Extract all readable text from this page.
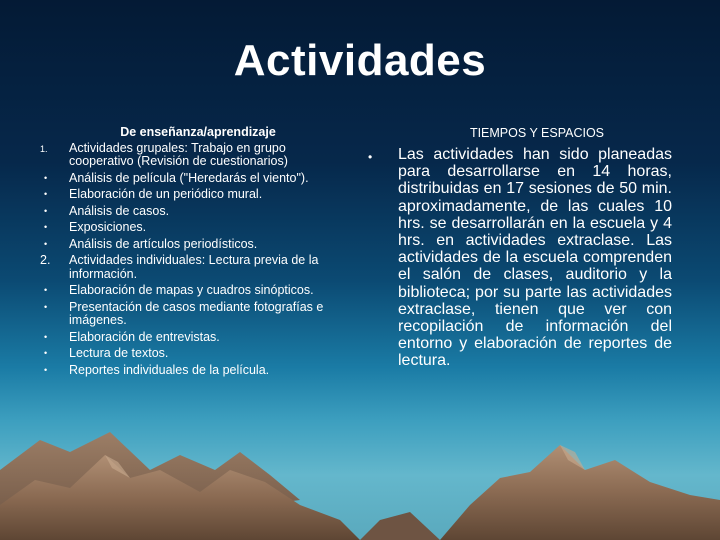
Actividades
De enseñanza/aprendizaje
1. Actividades grupales: Trabajo en grupo cooperativo (Revisión de cuestionarios)
• Análisis de película ("Heredarás el viento").
• Elaboración de un periódico mural.
• Análisis de casos.
• Exposiciones.
• Análisis de artículos periodísticos.
2. Actividades individuales: Lectura previa de la información.
• Elaboración de mapas y cuadros sinópticos.
• Presentación de casos mediante fotografías e imágenes.
• Elaboración de entrevistas.
• Lectura de textos.
• Reportes individuales de la película.
TIEMPOS Y ESPACIOS
• Las actividades han sido planeadas para desarrollarse en 14 horas, distribuidas en 17 sesiones de 50 min. aproximadamente, de las cuales 10 hrs. se desarrollarán en la escuela y 4 hrs. en actividades extraclase. Las actividades de la escuela comprenden el salón de clases, auditorio y la biblioteca; por su parte las actividades extraclase, tienen que ver con recopilación de información del entorno y elaboración de reportes de lectura.
